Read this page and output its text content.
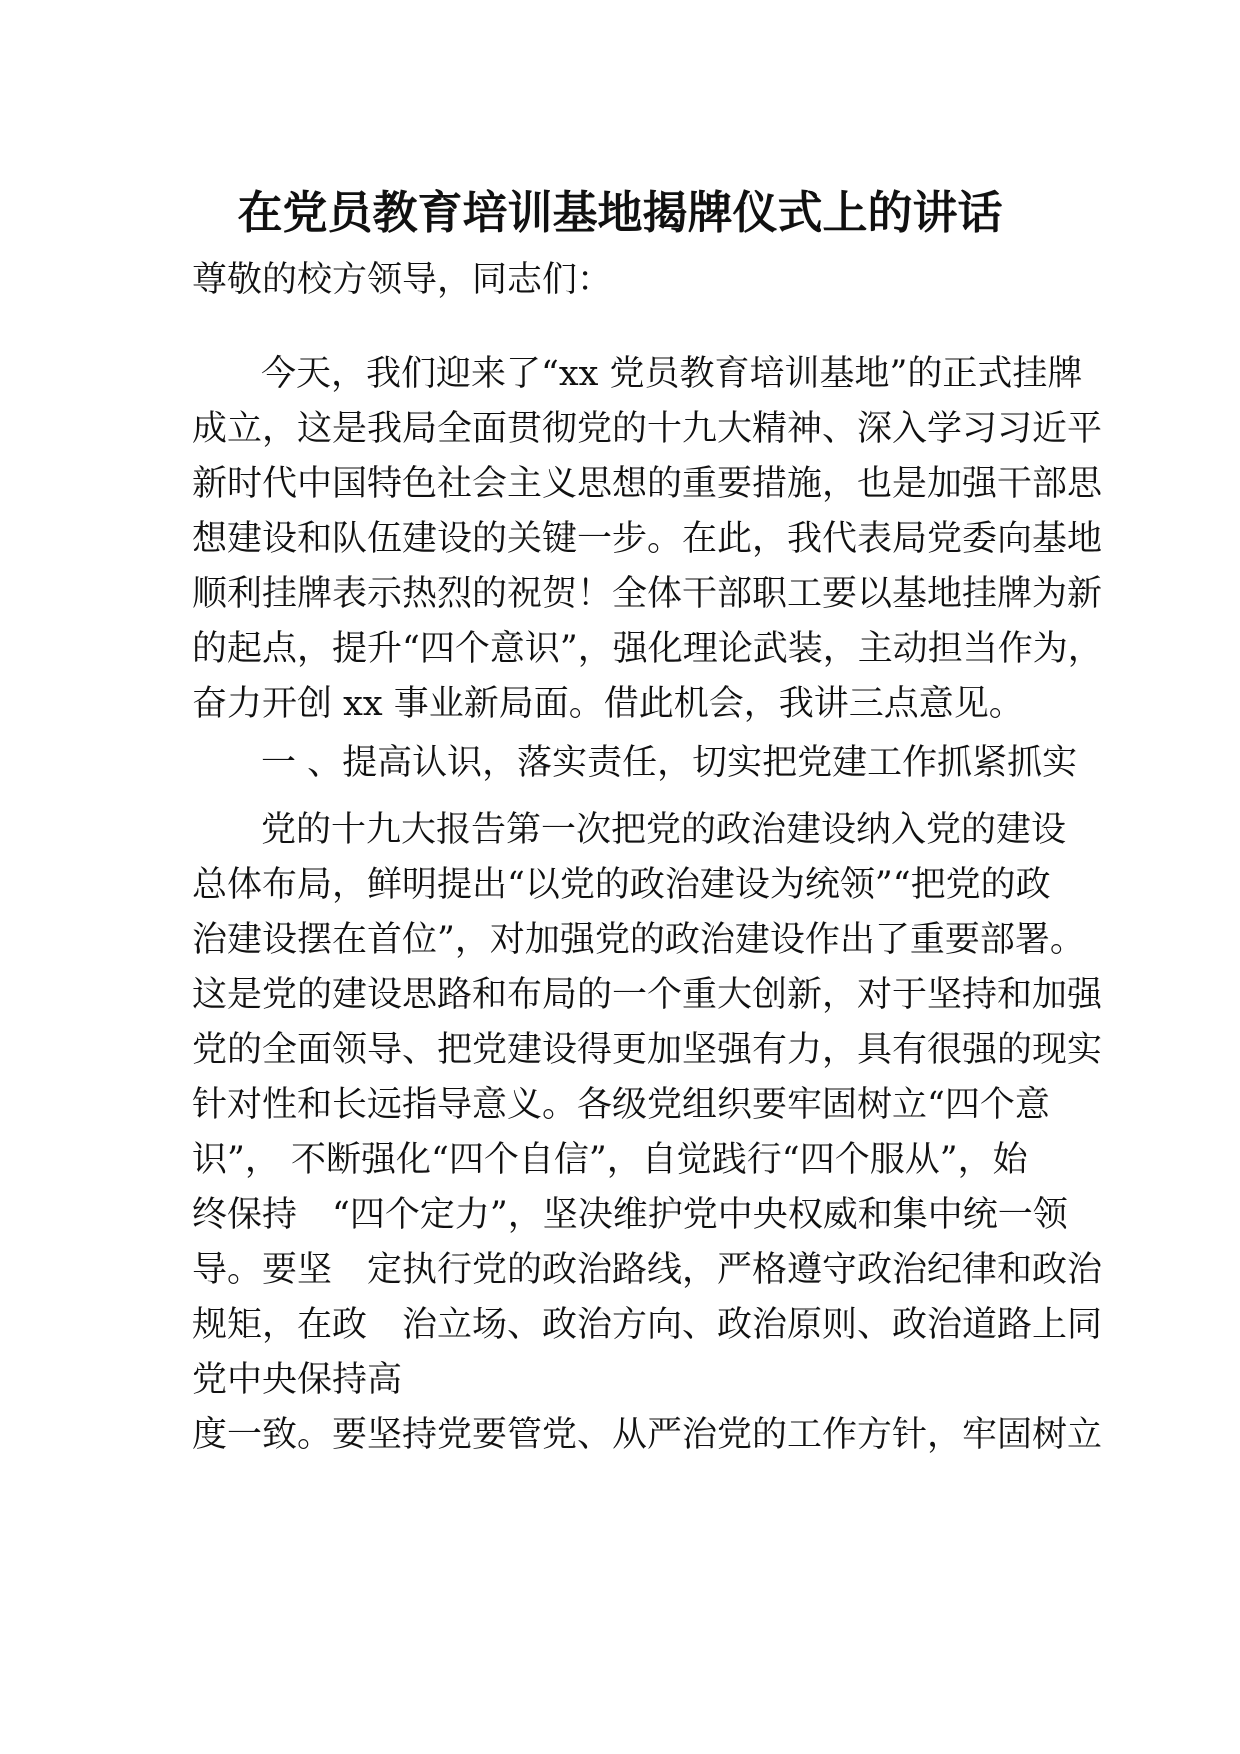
在党员教育培训基地揭牌仪式上的讲话

尊敬的校方领导，同志们：

今天，我们迎来了“xx 党员教育培训基地”的正式挂牌

成立，这是我局全面贯彻党的十九大精神、深入学习习近平

新时代中国特色社会主义思想的重要措施，也是加强干部思

想建设和队伍建设的关键一步。在此，我代表局党委向基地

顺利挂牌表示热烈的祝贺！全体干部职工要以基地挂牌为新

的起点，提升“四个意识”，强化理论武装，主动担当作为，

奋力开创 xx 事业新局面。借此机会，我讲三点意见。

一 、提高认识，落实责任，切实把党建工作抓紧抓实

党的十九大报告第一次把党的政治建设纳入党的建设

总体布局，鲜明提出“以党的政治建设为统领”“把党的政

治建设摆在首位”，对加强党的政治建设作出了重要部署。

这是党的建设思路和布局的一个重大创新，对于坚持和加强

党的全面领导、把党建设得更加坚强有力，具有很强的现实

针对性和长远指导意义。各级党组织要牢固树立“四个意

识”， 不断强化“四个自信”，自觉践行“四个服从”，始

终保持　“四个定力”，坚决维护党中央权威和集中统一领

导。要坚　定执行党的政治路线，严格遵守政治纪律和政治

规矩，在政　治立场、政治方向、政治原则、政治道路上同

党中央保持高

度一致。要坚持党要管党、从严治党的工作方针，牢固树立
